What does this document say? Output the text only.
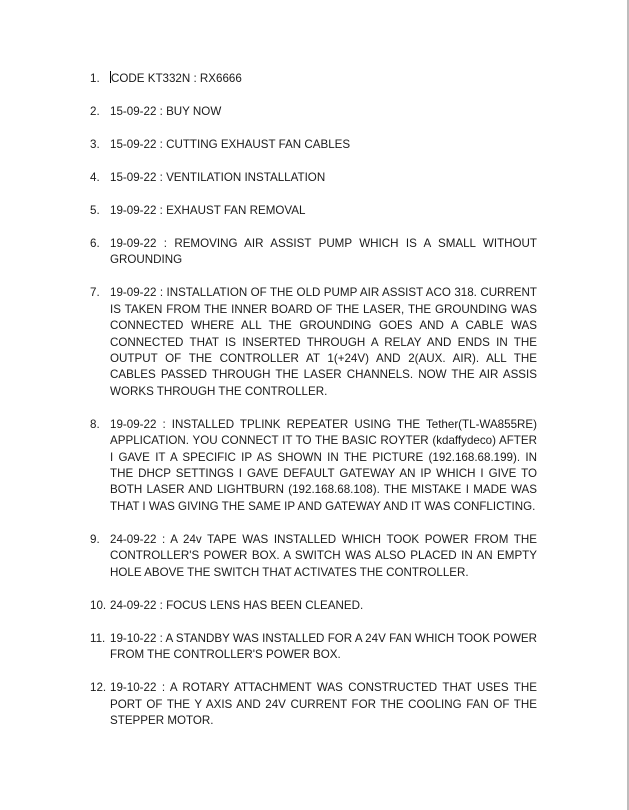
1. CODE KT332N : RX6666
2. 15-09-22 : BUY NOW
3. 15-09-22 : CUTTING EXHAUST FAN CABLES
4. 15-09-22 : VENTILATION INSTALLATION
5. 19-09-22 : EXHAUST FAN REMOVAL
6. 19-09-22 : REMOVING AIR ASSIST PUMP WHICH IS A SMALL WITHOUT GROUNDING
7. 19-09-22 : INSTALLATION OF THE OLD PUMP AIR ASSIST ACO 318. CURRENT IS TAKEN FROM THE INNER BOARD OF THE LASER, THE GROUNDING WAS CONNECTED WHERE ALL THE GROUNDING GOES AND A CABLE WAS CONNECTED THAT IS INSERTED THROUGH A RELAY AND ENDS IN THE OUTPUT OF THE CONTROLLER AT 1(+24V) AND 2(AUX. AIR). ALL THE CABLES PASSED THROUGH THE LASER CHANNELS. NOW THE AIR ASSIS WORKS THROUGH THE CONTROLLER.
8. 19-09-22 : INSTALLED TPLINK REPEATER USING THE Tether(TL-WA855RE) APPLICATION. YOU CONNECT IT TO THE BASIC ROYTER (kdaffydeco) AFTER I GAVE IT A SPECIFIC IP AS SHOWN IN THE PICTURE (192.168.68.199). IN THE DHCP SETTINGS I GAVE DEFAULT GATEWAY AN IP WHICH I GIVE TO BOTH LASER AND LIGHTBURN (192.168.68.108). THE MISTAKE I MADE WAS THAT I WAS GIVING THE SAME IP AND GATEWAY AND IT WAS CONFLICTING.
9. 24-09-22 : A 24v TAPE WAS INSTALLED WHICH TOOK POWER FROM THE CONTROLLER'S POWER BOX. A SWITCH WAS ALSO PLACED IN AN EMPTY HOLE ABOVE THE SWITCH THAT ACTIVATES THE CONTROLLER.
10. 24-09-22 : FOCUS LENS HAS BEEN CLEANED.
11. 19-10-22 : A STANDBY WAS INSTALLED FOR A 24V FAN WHICH TOOK POWER FROM THE CONTROLLER'S POWER BOX.
12. 19-10-22 : A ROTARY ATTACHMENT WAS CONSTRUCTED THAT USES THE PORT OF THE Y AXIS AND 24V CURRENT FOR THE COOLING FAN OF THE STEPPER MOTOR.
